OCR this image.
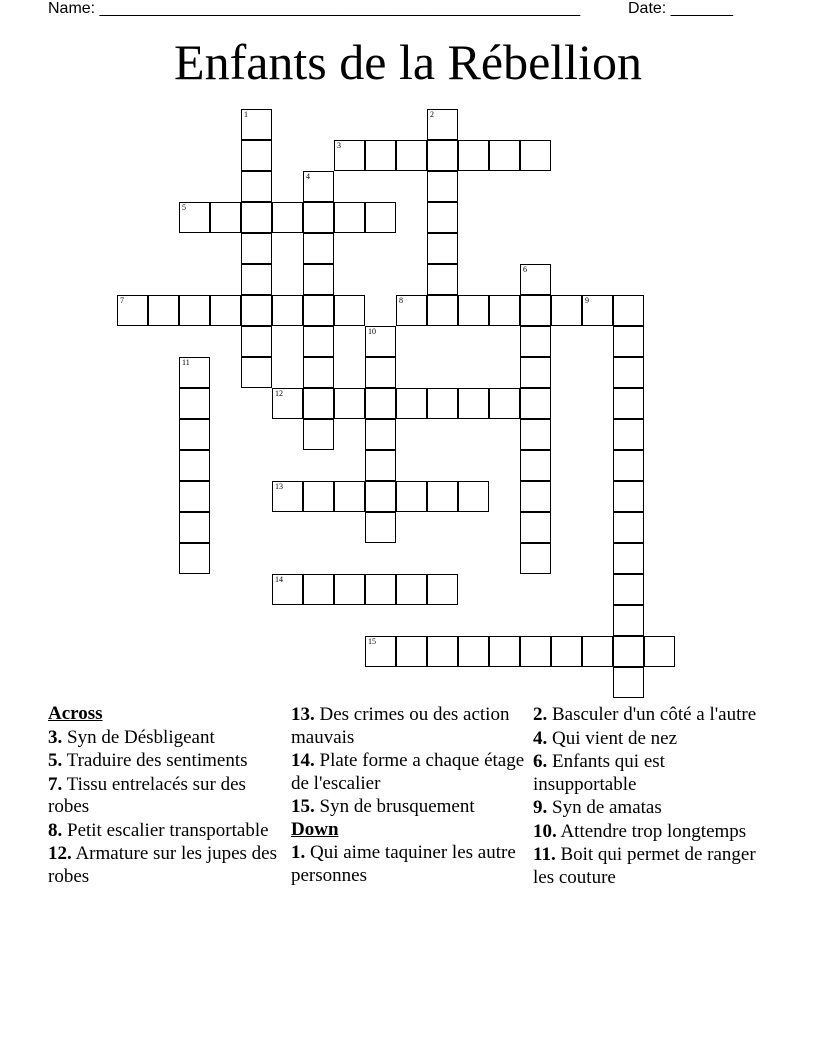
Name: ______________________________________________________	Date: _______
Enfants de la Rébellion
1	2
3
4
5
6
7	8	9
10
11
12
13
14
15
Across
3. Syn de Désbligeant
5. Traduire des sentiments
7. Tissu entrelacés sur des robes
8. Petit escalier transportable
12. Armature sur les jupes des robes
13. Des crimes ou des action mauvais
14. Plate forme a chaque étage de l'escalier
15. Syn de brusquement
Down
1. Qui aime taquiner les autre personnes
2. Basculer d'un côté a l'autre
4. Qui vient de nez
6. Enfants qui est insupportable
9. Syn de amatas
10. Attendre trop longtemps
11. Boit qui permet de ranger les couture
